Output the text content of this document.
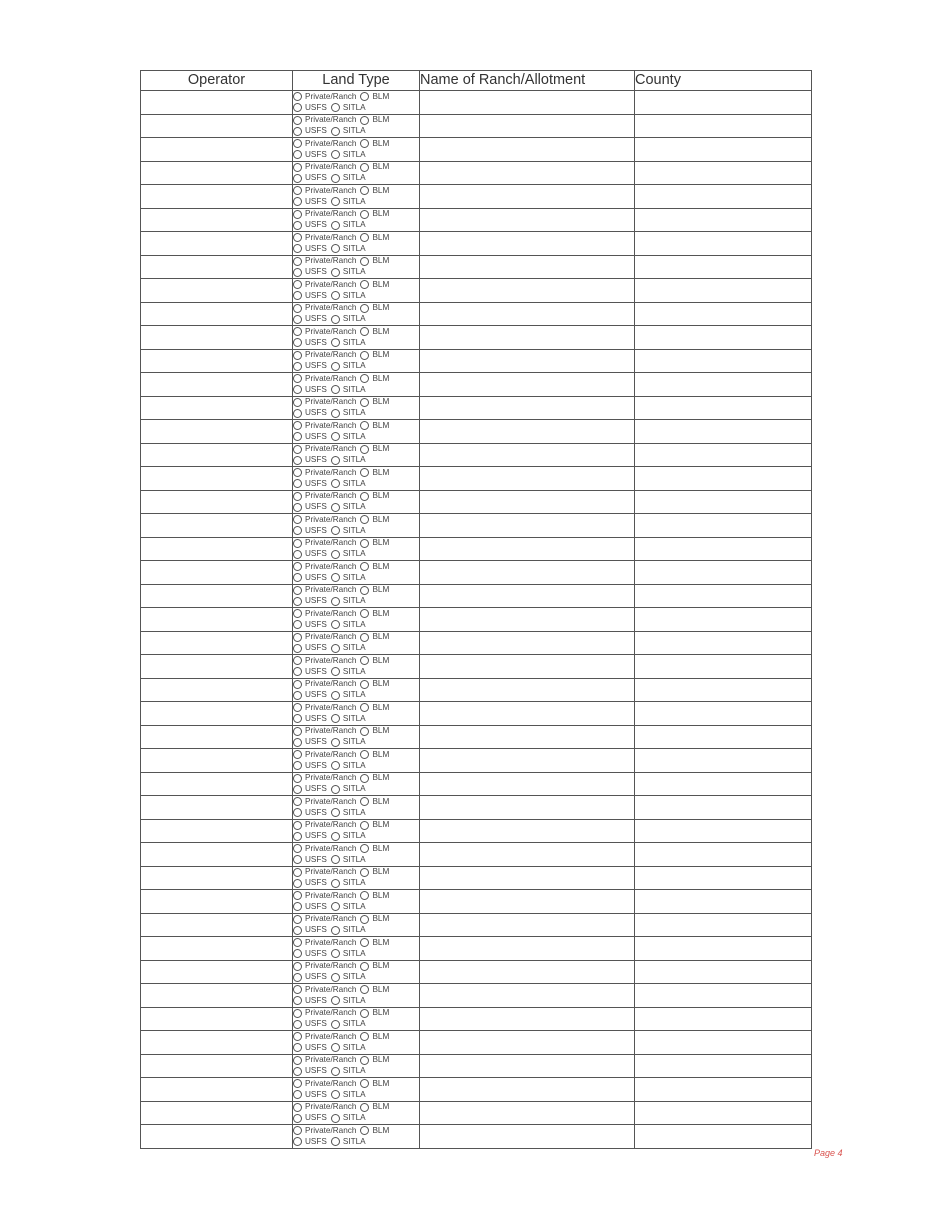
Operator	Land Type	Name of Ranch/Allotment	County

	Private/Ranch BLM
USFS SITLA		

	Private/Ranch BLM
USFS SITLA		

	Private/Ranch BLM
USFS SITLA		

	Private/Ranch BLM
USFS SITLA		

	Private/Ranch BLM
USFS SITLA		

	Private/Ranch BLM
USFS SITLA		

	Private/Ranch BLM
USFS SITLA		

	Private/Ranch BLM
USFS SITLA		

	Private/Ranch BLM
USFS SITLA		

	Private/Ranch BLM
USFS SITLA		

	Private/Ranch BLM
USFS SITLA		

	Private/Ranch BLM
USFS SITLA		

	Private/Ranch BLM
USFS SITLA		

	Private/Ranch BLM
USFS SITLA		

	Private/Ranch BLM
USFS SITLA		

	Private/Ranch BLM
USFS SITLA		

	Private/Ranch BLM
USFS SITLA		

	Private/Ranch BLM
USFS SITLA		

	Private/Ranch BLM
USFS SITLA		

	Private/Ranch BLM
USFS SITLA		

	Private/Ranch BLM
USFS SITLA		

	Private/Ranch BLM
USFS SITLA		

	Private/Ranch BLM
USFS SITLA		

	Private/Ranch BLM
USFS SITLA		

	Private/Ranch BLM
USFS SITLA		

	Private/Ranch BLM
USFS SITLA		

	Private/Ranch BLM
USFS SITLA		

	Private/Ranch BLM
USFS SITLA		

	Private/Ranch BLM
USFS SITLA		

	Private/Ranch BLM
USFS SITLA		

	Private/Ranch BLM
USFS SITLA		

	Private/Ranch BLM
USFS SITLA		

	Private/Ranch BLM
USFS SITLA		

	Private/Ranch BLM
USFS SITLA		

	Private/Ranch BLM
USFS SITLA		

	Private/Ranch BLM
USFS SITLA		

	Private/Ranch BLM
USFS SITLA		

	Private/Ranch BLM
USFS SITLA		

	Private/Ranch BLM
USFS SITLA		

	Private/Ranch BLM
USFS SITLA		

	Private/Ranch BLM
USFS SITLA		

	Private/Ranch BLM
USFS SITLA		

	Private/Ranch BLM
USFS SITLA		

	Private/Ranch BLM
USFS SITLA		

	Private/Ranch BLM
USFS SITLA		

Page 4
